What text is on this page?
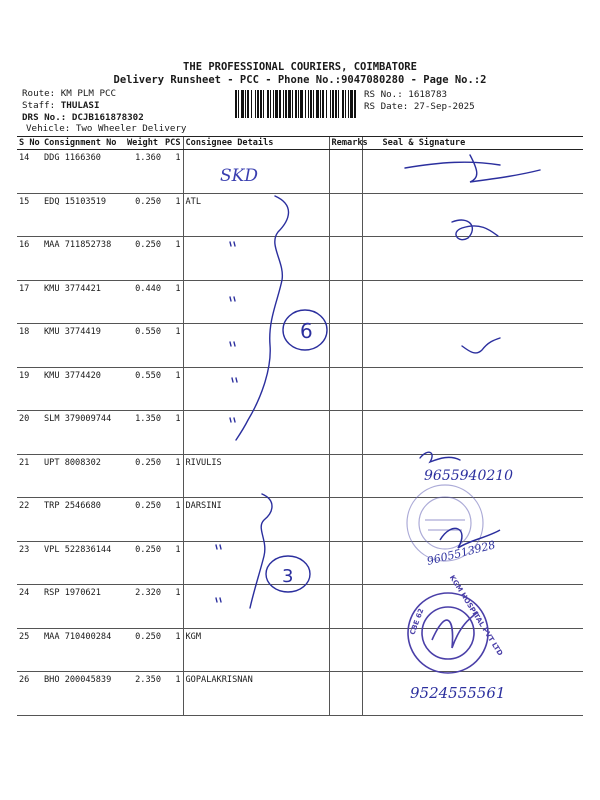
THE PROFESSIONAL COURIERS, COIMBATORE
Delivery Runsheet - PCC - Phone No.:9047080280 - Page No.:2
Route: KM PLM PCC
Staff: THULASI
DRS No.: DCJB161878302
Vehicle: Two Wheeler Delivery
RS No.: 1618783
RS Date: 27-Sep-2025
S No	Consignment No	Weight	PCS	Consignee Details	Remarks	Seal & Signature
14	DDG 1166360	1.360	1			
15	EDQ 15103519	0.250	1	ATL		
16	MAA 711852738	0.250	1			
17	KMU 3774421	0.440	1			
18	KMU 3774419	0.550	1			
19	KMU 3774420	0.550	1			
20	SLM 379009744	1.350	1			
21	UPT 8008302	0.250	1	RIVULIS		
22	TRP 2546680	0.250	1	DARSINI		
23	VPL 522836144	0.250	1			
24	RSP 1970621	2.320	1			
25	MAA 710400284	0.250	1	KGM		
26	BHO 200045839	2.350	1	GOPALAKRISNAN		
SKD
6
3
9655940210
9605513928
9524555561
KGM HOSPITAL PVT LTD
CBE 62
